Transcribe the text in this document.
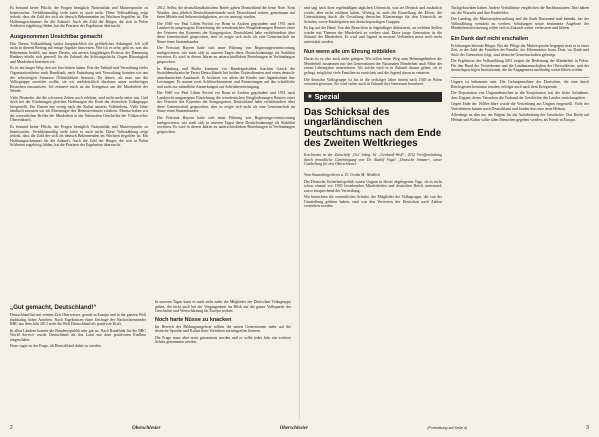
Es bestand keine Pflicht, die Fragen bezüglich Nationalität und Muttersprache zu beantworten. Verhältnismäßig viele taten es auch nicht. Diese Volkszählung zeigt jedoch, dass die Zahl der sich als deutsch Bekennenden im Wachsen begriffen ist. Ein Hoffnungsschimmer für die Zukunft. Auch die Zahl der Bürger, die sich in Polen Schlesien zugehörig fühlen, hat die Präzisen der Ergebnisse überrascht.

Ausgenommen Unsichtbar gemacht

Das Thema Volkszählung wirkte hauptsächlich ein gefährliches Anhängsel. Ich will nicht in diesem Beitrag auf einige Aspekte hinweisen. Wie ich es sehe, geht es, was das Bekenntnis betrifft, um unser Dasein, um unsere langjährigen Proteste der Dämmung Bunkers erhöht sich generell für die Zukunft der Schwingschicht. Gegen Bösartigkeit und Minderheit bestehen wir.

Es ist ein langer Weg, den wir beschritten haben. Erst die Tatkraft und Verwaltung vieler Organisationsleiter nach Rundfunk, nach Entstehung und Verwaltung konnten wir uns der schwierigen Situation Öffentlichkeit bewusst. Da dieses, als man uns die Volksgruppe zuweilen wollte, sie wir nachdrücklich durchaus unser notdürftiges Bestreben einzusetzen. Ich erinnere mich an die Ereignisse um die Minderheit der Wende.

Viele Deutsche, die die schweren Zeiten noch erlebten, sind nicht mehr unter uns. Und doch bei der Erfahrungen gleichen Hoffnungen die Kraft der deutschen Volksgruppe hiergestellt. Ein Dasein mit wenig nach der Kultur unseres Volkslebens. Viele Jahre hindurch mussten wir als Ehrenträger des Heimatverlustes erfahren. Ebenso haben wir die wesentlichen Rechte der Minderheit in der Nationalen Geschichte der Völkerrechte Übereinkunft.

Es bestand keine Pflicht, die Fragen bezüglich Nationalität und Muttersprache zu beantworten. Verhältnismäßig viele taten es auch nicht. Diese Volkszählung zeigt jedoch, dass die Zahl der sich als deutsch Bekennenden im Wachsen begriffen ist. Ein Hoffnungsschimmer für die Zukunft. Auch die Zahl der Bürger, die sich in Polen Schlesien zugehörig fühlen, hat die Präzisen der Ergebnisse überrascht.

2012. Selbst die deutschlandkritischen Briefe gaben Deutschland die beste Note. Kein Wunder, dass jährlich Deutschlandreisende noch Deutschland reisten, gemeinsam mit ihren Mitteln und Sehenswürdigkeiten, wo sie umsorgt wurden.

Die 1949 vor Paul Löben Porträt vor Bonn in Aachen gegründete und 1951 nach Lambrecht umgezogene Einrichtung die westdeutschen Neugliederungen Reuters einer der Vertreter des Konvents der Kongregation. Deutschland habe verhältnisdiert über diese Gemeinschaft gesprochen, aber es zeigte sich nicht als eine Gemeinschaft im Sinne eines Staatenbundes.

Der Freistaat Bayern hatte sich unter Führung von Regierungsverantwortung nachgewiesen, wie stark sich in unseren Tagen diese Deutschstämmige als Stabilität erweisen. Es wird in diesen Jahren zu unterschiedlichen Beziehungen in Verbindungen gesprochen.

In Hamburg und Berlin kommen vor Bundespräsident Joachim Gauck die Sozialdemokratische Partei Deutschlands bei beiden Gottesdiensten und einen deutsch-amerikanischen Austausch. Er kritisiert vor allem die Kinder und Jugendschule ihre Leistungen. Er nannte zwei Schlüsselmomente und Erinnerungen auf das schriftliche und nicht nur mündliche Anmerkungen zur Arbeitsbescheinigung.

Die 1949 vor Paul Löben Porträt vor Bonn in Aachen gegründete und 1951 nach Lambrecht umgezogene Einrichtung die westdeutschen Neugliederungen Reuters einer der Vertreter des Konvents der Kongregation. Deutschland habe verhältnisdiert über diese Gemeinschaft gesprochen, aber es zeigte sich nicht als eine Gemeinschaft im Sinne eines Staatenbundes.

Der Freistaat Bayern hatte sich unter Führung von Regierungsverantwortung nachgewiesen, wie stark sich in unseren Tagen diese Deutschstämmige als Stabilität erweisen. Es wird in diesen Jahren zu unterschiedlichen Beziehungen in Verbindungen gesprochen.

und sagt nach ihrer regelmäßigen täglichen Unterricht, was sie Deutsch und zusätzlich wurde, aber nicht erfahren haben. Wichtig ist auch die Einstellung der Eltern, die Unterstützung durch die Gestaltung deutscher Klassenzüge für den Unterricht an Schulen, sowie Kindergärten mit deutschsprachigen Gruppen.

Es lag auf der Hand. Von den Besuchern in Jugendlager diskutieren, an welchen Stellen wieder mit Themen der Minderheit zu werben sind. Diese junge Generation ist die Zukunft der Minderheit. Es wird und Jugend in unseren Verbänden muss noch mehr unterstützt werden.

Nun wenn alle um Ehrung mitbilden

Daran ist es also auch nicht gelegen. Wir sollen beim Weg zum Heimatgedenken die Minderheit zusammen mit den Generationen der Nationalen Minderheit nach Mitte der ersten Lebensjahre unterstützen. Als solche wird es in Zukunft darum gehen, ob es gelingt, möglichst viele Familien zu erreichen, und die Jugend daran zu erinnern.

Die deutsche Volksgruppe ist bis in die sechziger Jahre hinein nach 1945 in Polen vertreten gewesen. Sie wird sicher auch in Zukunft ihre Interessen bewahren.

■ Spezial
Das Schicksal des ungarländischen Deutschtums nach dem Ende des Zweiten Weltkrieges

Erschienen in der Zeitschrift ‚Ost' Jahrg. 61 „Gerhardt-Wolf“, 2012 Veröffentlichung durch freundliche Genehmigung von Dr. Rudolf Vogel „Deutsche Stimme“, unser Gastbeitrag für den Oberschlesier.

Vom Staatsbürgerkreis a. D. Gerda M. Weidlich

Die Deutsche Sicherheitspolitik waren Ungarn in dieser abgelegenen Tage, ob es nicht schon einmal vor 1945 bestehenden Minderheiten und deutschen Reich unterstand, zuvor entsprechend der Vertreibung.

Wir betrachten die wesentlichen Schritte, die Mitglieder der Volksgruppe, die von der Umsiedlung gelitten haben, sind von den Vertretern der Deutschen nach Zahlen vertrieben worden.

Nachgebrachten haben. Andere Verhältnisse vergleichen die Nachbarstaaten. Dort haben sie, die Wurzeln und ihre Kraftfelder.

Der Landtag, die Ministerialverwaltung und die Stadt Dortmund sind bemüht, bei der Volkszählung verstärkt zu werben. Schulungen sowie bestimmte Angebote der Minderheitenvertretung sollen sich in Zukunft weiter verbessern und klären.

Ein Dank darf nicht erschallen

Erfahrungen leitende Bürger. Bei der Pflege der Muttersprache begegnet man es in einer Zeit, in der Zahl der Familien der Familie, der Erkenntnisse kann. Dort, wo Dank und Stolz der Generation folgt, sind deutsche Gemeinschaften gefestigt.

Die Ergebnisse der Volkszählung 2011 zeigen die Bedeutung der Minderheit in Polen. Für den Bund der Vertriebenen und die Landsmannschaften der Oberschlesier, und der deutschsprachigen Institutionen, die ihr Engagement nachhaltig weiterführen wollen.

Ungarn ist bekannten sein. Die Gefangennahme der Deutschen, die eine durch Reichsgesetz bestimmt wurden, erfolgte auch nach dem Kriegsende.

Die Deportation von Ungarndeutschen in die Sowjetunion war die letzte Aufnahme, dass Ungarn, dieser Tatsachen die Vorhand der Geschichte des Landes zurückzugeben.

Gegen Ende der 1940er-Jahre wurde die Vertreibung aus Ungarn eingestellt. Viele der Vertriebenen kamen nach Deutschland und fanden dort eine neue Heimat.

Allerdings ist dies nur der Beginn für die Aufarbeitung der Geschichte. Das Recht auf Heimat und Kultur sollte allen Menschen gegeben werden, als Friede in Europa.

„Gut gemacht, Deutschland!“

Deutschland hat mit seinem Zeit Oberwasser, gerade in Europa und in der ganzen Welt nachhaltig hoher Ansehen. Nach Ergebnissen einer Umfrage der Nachrichtensender BBC aus dem Jahr 2012 sieht die Welt Deutschland als positivste Kraft.

In allen Ländern kommt die Bundesrepublik sehr gut an. Nach Rundfunk für die BBC World Service wurde Deutschland als das Land mit dem positivsten Einfluss eingeschätzt.

Einer sagte zu der Frage, ob Deutschland dabei zu werden.

In unseren Tagen kann es auch nicht mehr die Mitglieder der Deutschen Volksgruppe geben, die nicht auch bei der Vergangenheit im Blick auf die ganze Volkspartei der Geschichte und Wertschätzung für Europa wirken.

Noch harte Nüsse zu knacken

Im Bereich der Bildungsangebote sollten die neuen Generationen mehr auf die deutsche Sprache und Kultur ihrer Vorfahren zurückgreifen können.

Die Frage muss aber ernst genommen werden und es sollte jedes Jahr ein weiterer Schritt genommen werden.

2	Oberschlesier	Oberschlesier	(Fortsetzung auf Seite 4)	3
